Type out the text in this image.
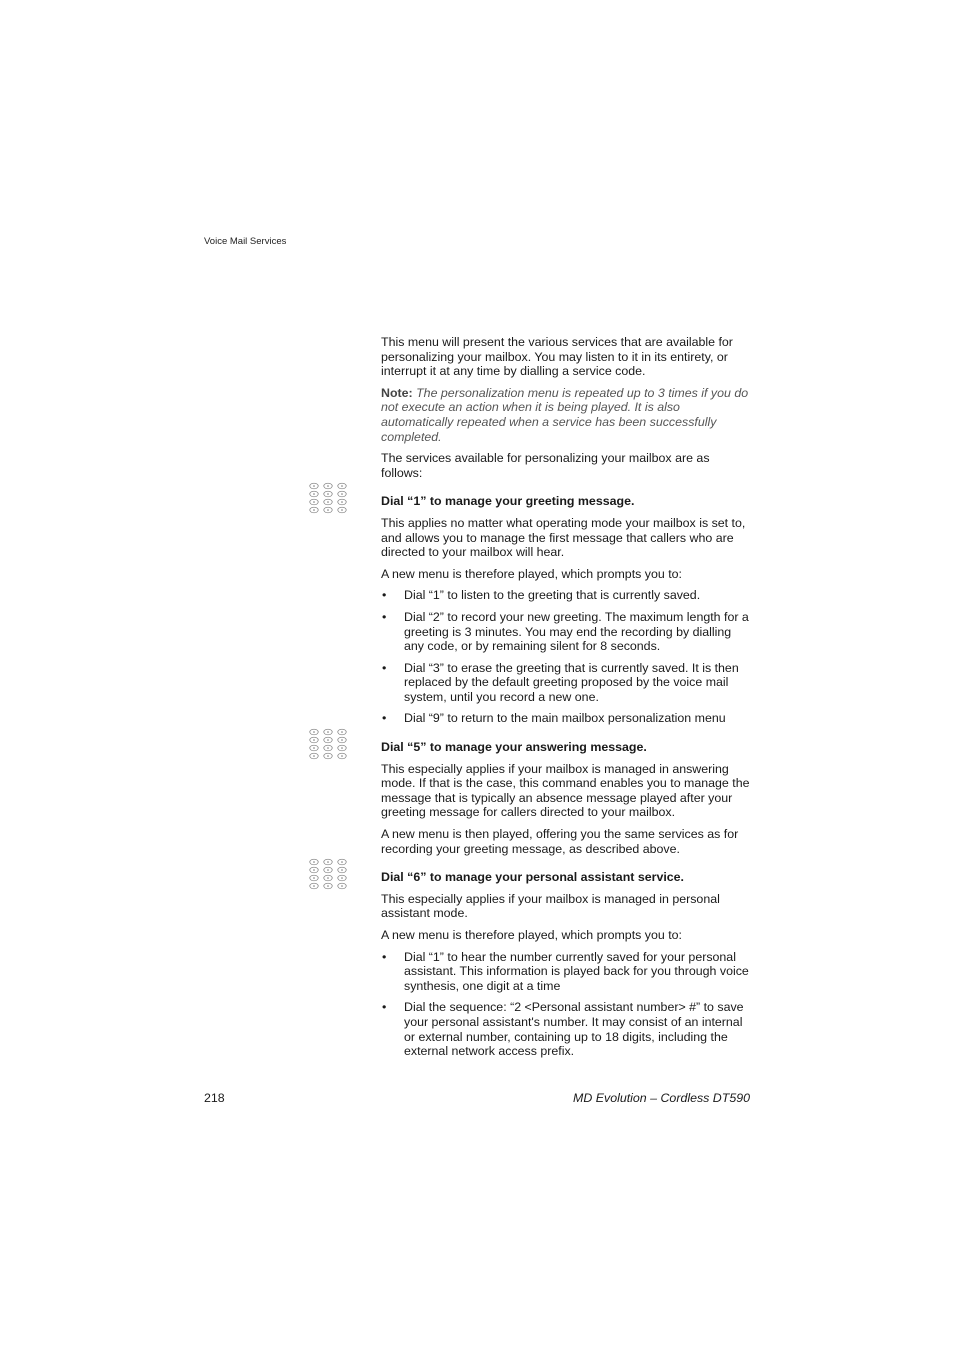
Voice Mail Services

This menu will present the various services that are available for personalizing your mailbox. You may listen to it in its entirety, or interrupt it at any time by dialling a service code.

Note: The personalization menu is repeated up to 3 times if you do not execute an action when it is being played. It is also automatically repeated when a service has been successfully completed.

The services available for personalizing your mailbox are as follows:

Dial “1” to manage your greeting message.

This applies no matter what operating mode your mailbox is set to, and allows you to manage the first message that callers who are directed to your mailbox will hear.

A new menu is therefore played, which prompts you to:

• Dial “1” to listen to the greeting that is currently saved.
• Dial “2” to record your new greeting. The maximum length for a greeting is 3 minutes. You may end the recording by dialling any code, or by remaining silent for 8 seconds.
• Dial “3” to erase the greeting that is currently saved. It is then replaced by the default greeting proposed by the voice mail system, until you record a new one.
• Dial “9” to return to the main mailbox personalization menu

Dial “5” to manage your answering message.

This especially applies if your mailbox is managed in answering mode. If that is the case, this command enables you to manage the message that is typically an absence message played after your greeting message for callers directed to your mailbox.

A new menu is then played, offering you the same services as for recording your greeting message, as described above.

Dial “6” to manage your personal assistant service.

This especially applies if your mailbox is managed in personal assistant mode.

A new menu is therefore played, which prompts you to:

• Dial “1” to hear the number currently saved for your personal assistant. This information is played back for you through voice synthesis, one digit at a time
• Dial the sequence: “2 <Personal assistant number> #” to save your personal assistant's number. It may consist of an internal or external number, containing up to 18 digits, including the external network access prefix.
218	MD Evolution – Cordless DT590
